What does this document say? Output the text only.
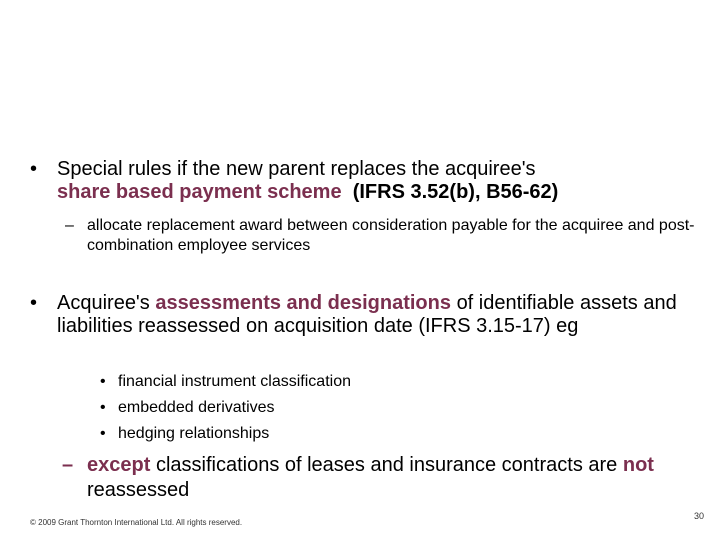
• Special rules if the new parent replaces the acquiree's
share based payment scheme (IFRS 3.52(b), B56-62)
– allocate replacement award between consideration payable for the acquiree and post-combination employee services
• Acquiree's assessments and designations of identifiable assets and liabilities reassessed on acquisition date (IFRS 3.15-17) eg
• financial instrument classification
• embedded derivatives
• hedging relationships
– except classifications of leases and insurance contracts are not reassessed
© 2009 Grant Thornton International Ltd. All rights reserved.
30
